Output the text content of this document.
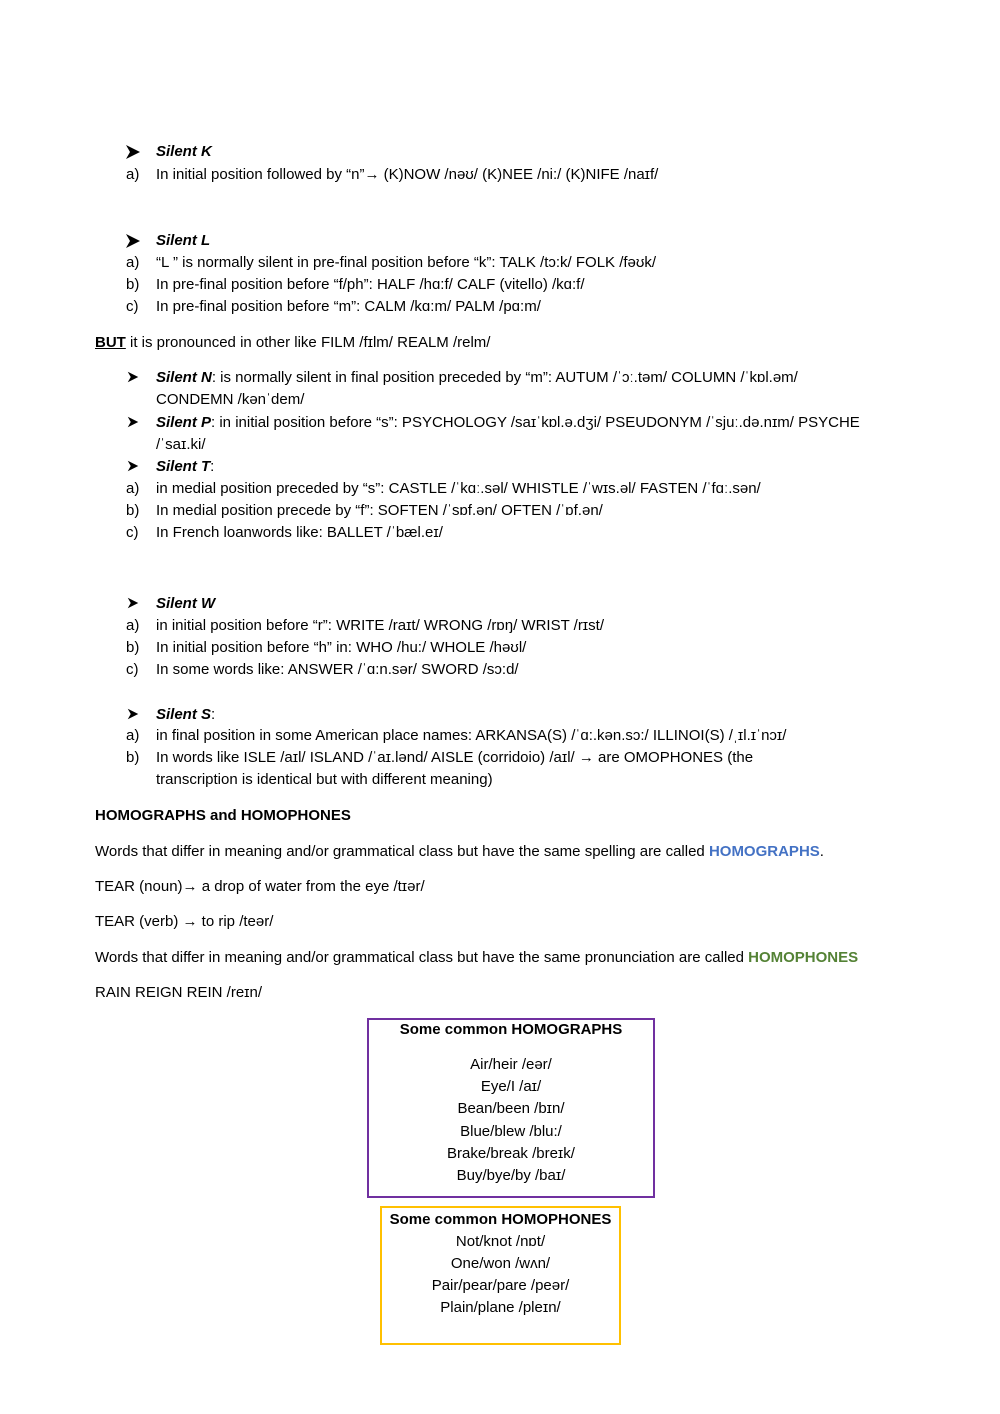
Silent K
a) In initial position followed by “n”→ (K)NOW /nəʊ/ (K)NEE /ni:/ (K)NIFE /naɪf/
Silent L
a) “L ” is normally silent in pre-final position before “k”: TALK /tɔ:k/ FOLK /fəʊk/
b) In pre-final position before “f/ph”: HALF /hɑ:f/ CALF (vitello) /kɑ:f/
c) In pre-final position before “m”: CALM /kɑ:m/ PALM /pɑ:m/
BUT it is pronounced in other like FILM /fɪlm/ REALM /relm/
Silent N: is normally silent in final position preceded by “m”: AUTUM /ˈɔː.təm/ COLUMN /ˈkɒl.əm/
CONDEMN /kənˈdem/
Silent P: in initial position before “s”: PSYCHOLOGY /saɪˈkɒl.ə.dʒi/ PSEUDONYM /ˈsjuː.də.nɪm/ PSYCHE
/ˈsaɪ.ki/
Silent T:
a) in medial position preceded by “s”: CASTLE /ˈkɑː.səl/ WHISTLE /ˈwɪs.əl/ FASTEN /ˈfɑː.sən/
b) In medial position precede by “f”: SOFTEN /ˈsɒf.ən/ OFTEN /ˈɒf.ən/
c) In French loanwords like: BALLET /ˈbæl.eɪ/
Silent W
a) in initial position before “r”: WRITE /raɪt/ WRONG /rɒŋ/ WRIST /rɪst/
b) In initial position before “h” in: WHO /hu:/ WHOLE /həʊl/
c) In some words like: ANSWER /ˈɑ:n.sər/ SWORD /sɔ:d/
Silent S:
a) in final position in some American place names: ARKANSA(S) /ˈɑ:.kən.sɔ:/ ILLINOI(S) /ˌɪl.ɪˈnɔɪ/
b) In words like ISLE /aɪl/ ISLAND /ˈaɪ.lənd/ AISLE (corridoio) /aɪl/ → are OMOPHONES (the
transcription is identical but with different meaning)
HOMOGRAPHS and HOMOPHONES
Words that differ in meaning and/or grammatical class but have the same spelling are called HOMOGRAPHS.
TEAR (noun)→ a drop of water from the eye /tɪər/
TEAR (verb) → to rip /teər/
Words that differ in meaning and/or grammatical class but have the same pronunciation are called HOMOPHONES
RAIN REIGN REIN /reɪn/
Some common HOMOGRAPHS
Air/heir /eər/
Eye/I /aɪ/
Bean/been /bɪn/
Blue/blew /blu:/
Brake/break /breɪk/
Buy/bye/by /baɪ/
Some common HOMOPHONES
Not/knot /nɒt/
One/won /wʌn/
Pair/pear/pare /peər/
Plain/plane /pleɪn/
